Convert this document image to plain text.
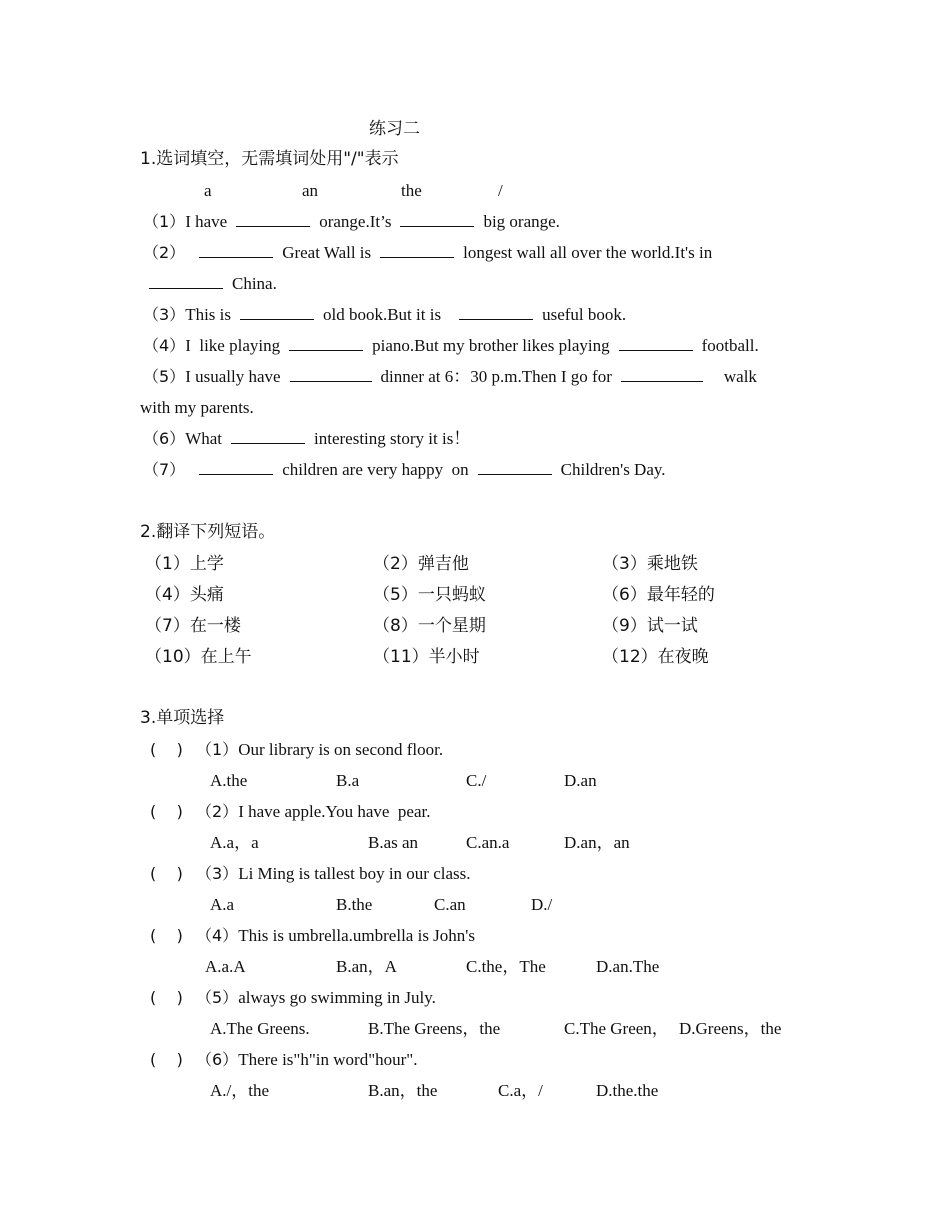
练习二
1.选词填空，无需填词处用"/"表示
a	an	the	/
（1）I have	orange.It’s	big orange.
（2）	Great Wall is	longest wall all over the world.It's in
China.
（3）This is	old book.But it is	useful book.
（4）I  like playing	piano.But my brother likes playing	football.
（5）I usually have	dinner at 6：30 p.m.Then I go for	walk
with my parents.
（6）What	interesting story it is！
（7）	children are very happy  on	Children's Day.
2.翻译下列短语。
（1）上学	（2）弹吉他	（3）乘地铁
（4）头痛	（5）一只蚂蚁	（6）最年轻的
（7）在一楼	（8）一个星期	（9）试一试
（10）在上午	（11）半小时	（12）在夜晚
3.单项选择
(    ) （1）Our library is on second floor.
A.the	B.a	C./	D.an
(    ) （2）I have apple.You have  pear.
A.a，a	B.as an	C.an.a	D.an，an
(    ) （3）Li Ming is tallest boy in our class.
A.a	B.the	C.an	D./
(    ) （4）This is umbrella.umbrella is John's
A.a.A	B.an，A	C.the，The	D.an.The
(    ) （5）always go swimming in July.
A.The Greens.	B.The Greens，the	C.The Green， D.Greens，the
(    ) （6）There is"h"in word"hour".
A./，the	B.an，the	C.a，/	D.the.the
